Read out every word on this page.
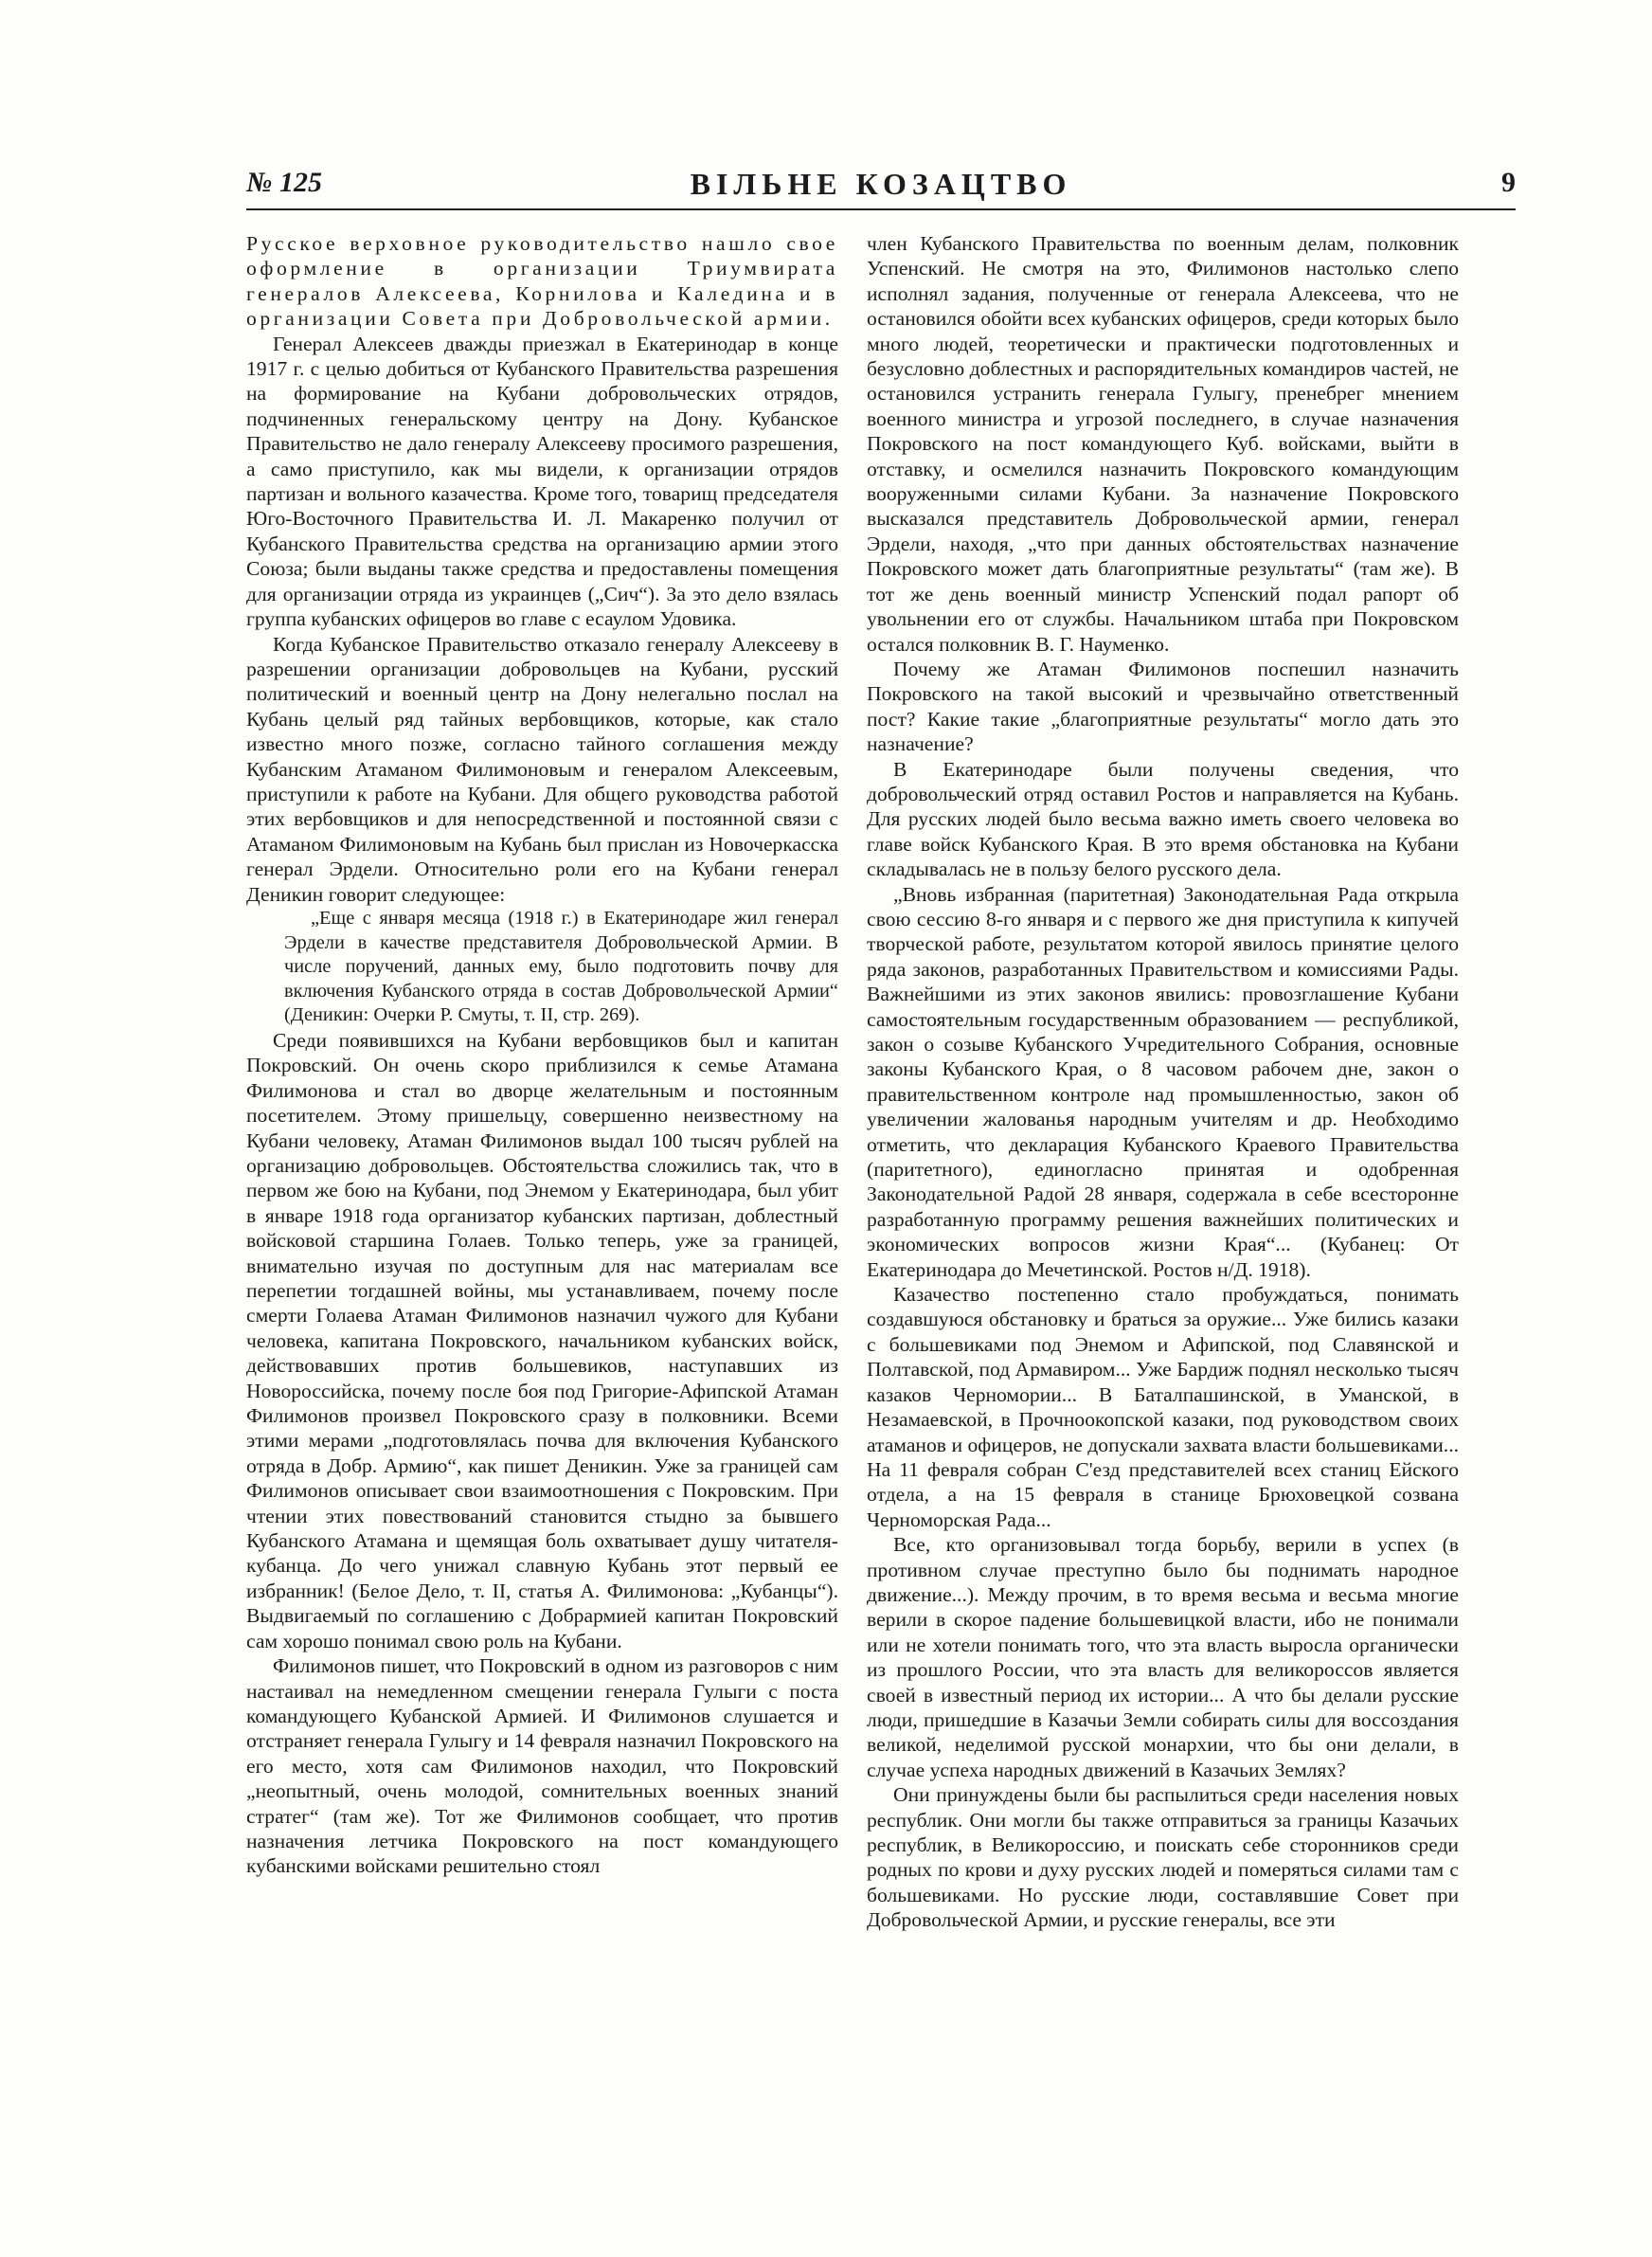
№ 125	ВІЛЬНЕ КОЗАЦТВО	9

Русское верховное руководительство нашло свое оформление в организации Триумвирата генералов Алексеева, Корнилова и Каледина и в организации Совета при Добровольческой армии.

Генерал Алексеев дважды приезжал в Екатеринодар в конце 1917 г. с целью добиться от Кубанского Правительства разрешения на формирование на Кубани добровольческих отрядов, подчиненных генеральскому центру на Дону. Кубанское Правительство не дало генералу Алексееву просимого разрешения, а само приступило, как мы видели, к организации отрядов партизан и вольного казачества. Кроме того, товарищ председателя Юго-Восточного Правительства И. Л. Макаренко получил от Кубанского Правительства средства на организацию армии этого Союза; были выданы также средства и предоставлены помещения для организации отряда из украинцев („Сич“). За это дело взялась группа кубанских офицеров во главе с есаулом Удовика.

Когда Кубанское Правительство отказало генералу Алексееву в разрешении организации добровольцев на Кубани, русский политический и военный центр на Дону нелегально послал на Кубань целый ряд тайных вербовщиков, которые, как стало известно много позже, согласно тайного соглашения между Кубанским Атаманом Филимоновым и генералом Алексеевым, приступили к работе на Кубани. Для общего руководства работой этих вербовщиков и для непосредственной и постоянной связи с Атаманом Филимоновым на Кубань был прислан из Новочеркасска генерал Эрдели. Относительно роли его на Кубани генерал Деникин говорит следующее:

„Еще с января месяца (1918 г.) в Екатеринодаре жил генерал Эрдели в качестве представителя Добровольческой Армии. В числе поручений, данных ему, было подготовить почву для включения Кубанского отряда в состав Добровольческой Армии“ (Деникин: Очерки Р. Смуты, т. II, стр. 269).

Среди появившихся на Кубани вербовщиков был и капитан Покровский. Он очень скоро приблизился к семье Атамана Филимонова и стал во дворце желательным и постоянным посетителем. Этому пришельцу, совершенно неизвестному на Кубани человеку, Атаман Филимонов выдал 100 тысяч рублей на организацию добровольцев. Обстоятельства сложились так, что в первом же бою на Кубани, под Энемом у Екатеринодара, был убит в январе 1918 года организатор кубанских партизан, доблестный войсковой старшина Голаев. Только теперь, уже за границей, внимательно изучая по доступным для нас материалам все перепетии тогдашней войны, мы устанавливаем, почему после смерти Голаева Атаман Филимонов назначил чужого для Кубани человека, капитана Покровского, начальником кубанских войск, действовавших против большевиков, наступавших из Новороссийска, почему после боя под Григорие-Афипской Атаман Филимонов произвел Покровского сразу в полковники. Всеми этими мерами „подготовлялась почва для включения Кубанского отряда в Добр. Армию“, как пишет Деникин. Уже за границей сам Филимонов описывает свои взаимоотношения с Покровским. При чтении этих повествований становится стыдно за бывшего Кубанского Атамана и щемящая боль охватывает душу читателя-кубанца. До чего унижал славную Кубань этот первый ее избранник! (Белое Дело, т. II, статья А. Филимонова: „Кубанцы“). Выдвигаемый по соглашению с Добрармией капитан Покровский сам хорошо понимал свою роль на Кубани.

Филимонов пишет, что Покровский в одном из разговоров с ним настаивал на немедленном смещении генерала Гулыги с поста командующего Кубанской Армией. И Филимонов слушается и отстраняет генерала Гулыгу и 14 февраля назначил Покровского на его место, хотя сам Филимонов находил, что Покровский „неопытный, очень молодой, сомнительных военных знаний стратег“ (там же). Тот же Филимонов сообщает, что против назначения летчика Покровского на пост командующего кубанскими войсками решительно стоял

член Кубанского Правительства по военным делам, полковник Успенский. Не смотря на это, Филимонов настолько слепо исполнял задания, полученные от генерала Алексеева, что не остановился обойти всех кубанских офицеров, среди которых было много людей, теоретически и практически подготовленных и безусловно доблестных и распорядительных командиров частей, не остановился устранить генерала Гулыгу, пренебрег мнением военного министра и угрозой последнего, в случае назначения Покровского на пост командующего Куб. войсками, выйти в отставку, и осмелился назначить Покровского командующим вооруженными силами Кубани. За назначение Покровского высказался представитель Добровольческой армии, генерал Эрдели, находя, „что при данных обстоятельствах назначение Покровского может дать благоприятные результаты“ (там же). В тот же день военный министр Успенский подал рапорт об увольнении его от службы. Начальником штаба при Покровском остался полковник В. Г. Науменко.

Почему же Атаман Филимонов поспешил назначить Покровского на такой высокий и чрезвычайно ответственный пост? Какие такие „благоприятные результаты“ могло дать это назначение?

В Екатеринодаре были получены сведения, что добровольческий отряд оставил Ростов и направляется на Кубань. Для русских людей было весьма важно иметь своего человека во главе войск Кубанского Края. В это время обстановка на Кубани складывалась не в пользу белого русского дела.

„Вновь избранная (паритетная) Законодательная Рада открыла свою сессию 8-го января и с первого же дня приступила к кипучей творческой работе, результатом которой явилось принятие целого ряда законов, разработанных Правительством и комиссиями Рады. Важнейшими из этих законов явились: провозглашение Кубани самостоятельным государственным образованием — республикой, закон о созыве Кубанского Учредительного Собрания, основные законы Кубанского Края, о 8 часовом рабочем дне, закон о правительственном контроле над промышленностью, закон об увеличении жалованья народным учителям и др. Необходимо отметить, что декларация Кубанского Краевого Правительства (паритетного), единогласно принятая и одобренная Законодательной Радой 28 января, содержала в себе всесторонне разработанную программу решения важнейших политических и экономических вопросов жизни Края“... (Кубанец: От Екатеринодара до Мечетинской. Ростов н/Д. 1918).

Казачество постепенно стало пробуждаться, понимать создавшуюся обстановку и браться за оружие... Уже бились казаки с большевиками под Энемом и Афипской, под Славянской и Полтавской, под Армавиром... Уже Бардиж поднял несколько тысяч казаков Черномории... В Баталпашинской, в Уманской, в Незамаевской, в Прочноокопской казаки, под руководством своих атаманов и офицеров, не допускали захвата власти большевиками... На 11 февраля собран С'езд представителей всех станиц Ейского отдела, а на 15 февраля в станице Брюховецкой созвана Черноморская Рада...

Все, кто организовывал тогда борьбу, верили в успех (в противном случае преступно было бы поднимать народное движение...). Между прочим, в то время весьма и весьма многие верили в скорое падение большевицкой власти, ибо не понимали или не хотели понимать того, что эта власть выросла органически из прошлого России, что эта власть для великороссов является своей в известный период их истории... А что бы делали русские люди, пришедшие в Казачьи Земли собирать силы для воссоздания великой, неделимой русской монархии, что бы они делали, в случае успеха народных движений в Казачьих Землях?

Они принуждены были бы распылиться среди населения новых республик. Они могли бы также отправиться за границы Казачьих республик, в Великороссию, и поискать себе сторонников среди родных по крови и духу русских людей и померяться силами там с большевиками. Но русские люди, составлявшие Совет при Добровольческой Армии, и русские генералы, все эти
